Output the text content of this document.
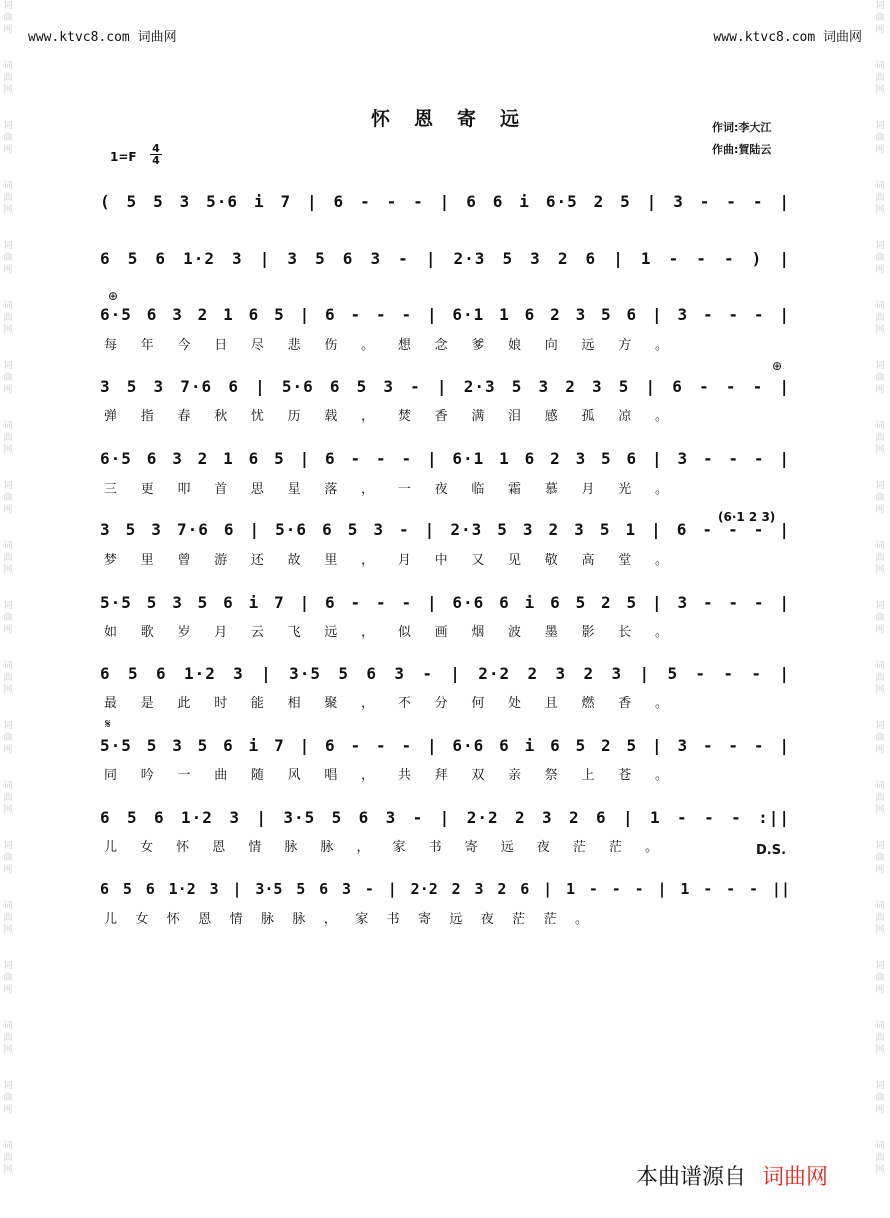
词
曲
网
词
曲
网
词
曲
网
词
曲
网
词
曲
网
词
曲
网
词
曲
网
词
曲
网
词
曲
网
词
曲
网
词
曲
网
词
曲
网
词
曲
网
词
曲
网
词
曲
网
词
曲
网
词
曲
网
词
曲
网
词
曲
网
词
曲
网
词
曲
网
词
曲
网
词
曲
网
词
曲
网
词
曲
网
词
曲
网
词
曲
网
词
曲
网
词
曲
网
词
曲
网
词
曲
网
词
曲
网
词
曲
网
词
曲
网
词
曲
网
词
曲
网
词
曲
网
词
曲
网
词
曲
网
词
曲
网
www.ktvc8.com 词曲网	www.ktvc8.com 词曲网
怀恩寄远	作词:李大江
作曲:賀陆云
1=F
4
4
( 5 5 3 5·6 i 7 | 6 - - - | 6 6 i 6·5 2 5 | 3 - - - |
6 5 6 1·2 3 | 3 5 6 3 - | 2·3 5 3 2 6 | 1 - - - ) |
⊕
6·5 6 3 2 1 6 5 | 6 - - - | 6·1 1 6 2 3 5 6 | 3 - - - |
每年今日尽悲伤。想念爹娘向远方。
⊕
3 5 3 7·6 6 | 5·6 6 5 3 - | 2·3 5 3 2 3 5 | 6 - - - |
弹指春秋忧历载，焚香满泪感孤凉。
6·5 6 3 2 1 6 5 | 6 - - - | 6·1 1 6 2 3 5 6 | 3 - - - |
三更叩首思星落，一夜临霜慕月光。
(6·1 2 3)
3 5 3 7·6 6 | 5·6 6 5 3 - | 2·3 5 3 2 3 5 1 | 6 - - - |
梦里曾游还故里，月中又见敬高堂。
5·5 5 3 5 6 i 7 | 6 - - - | 6·6 6 i 6 5 2 5 | 3 - - - |
如歌岁月云飞远，似画烟波墨影长。
6 5 6 1·2 3 | 3·5 5 6 3 - | 2·2 2 3 2 3 | 5 - - - |
最是此时能相聚，不分何处且燃香。
𝄋
5·5 5 3 5 6 i 7 | 6 - - - | 6·6 6 i 6 5 2 5 | 3 - - - |
同吟一曲随风唱，共拜双亲祭上苍。
6 5 6 1·2 3 | 3·5 5 6 3 - | 2·2 2 3 2 6 | 1 - - - :||
儿女怀恩情脉脉，家书寄远夜茫茫。	D.S.
6 5 6 1·2 3 | 3·5 5 6 3 - | 2·2 2 3 2 6 | 1 - - - | 1 - - - ||
儿女怀恩情脉脉，家书寄远夜茫茫。
本曲谱源自 词曲网
